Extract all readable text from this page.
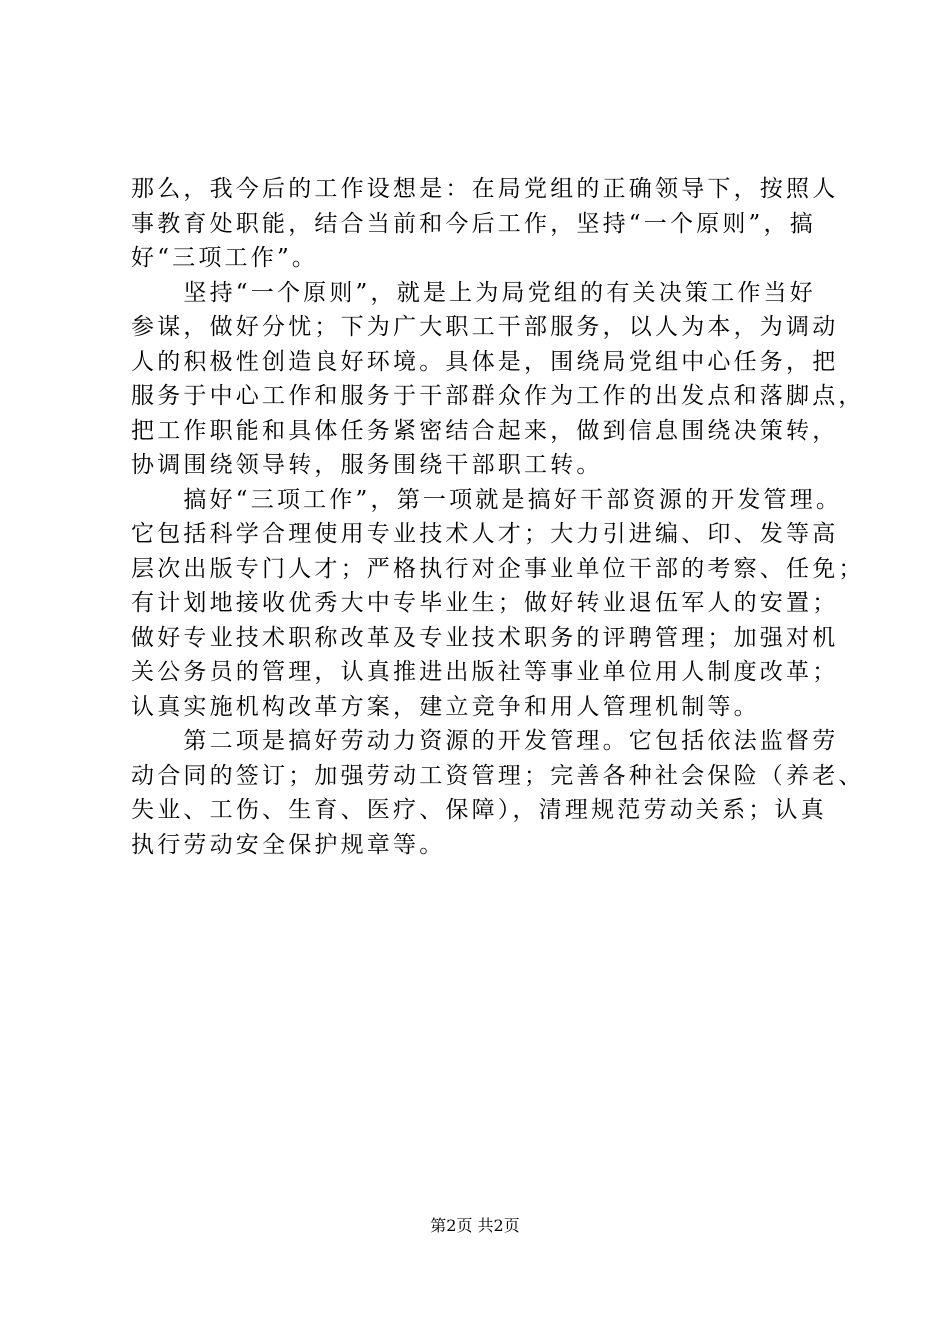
那么，我今后的工作设想是：在局党组的正确领导下，按照人
事教育处职能，结合当前和今后工作，坚持“一个原则”，搞
好“三项工作”。
　　坚持“一个原则”，就是上为局党组的有关决策工作当好
参谋，做好分忧；下为广大职工干部服务，以人为本，为调动
人的积极性创造良好环境。具体是，围绕局党组中心任务，把
服务于中心工作和服务于干部群众作为工作的出发点和落脚点，
把工作职能和具体任务紧密结合起来，做到信息围绕决策转，
协调围绕领导转，服务围绕干部职工转。
　　搞好“三项工作”，第一项就是搞好干部资源的开发管理。
它包括科学合理使用专业技术人才；大力引进编、印、发等高
层次出版专门人才；严格执行对企事业单位干部的考察、任免；
有计划地接收优秀大中专毕业生；做好转业退伍军人的安置；
做好专业技术职称改革及专业技术职务的评聘管理；加强对机
关公务员的管理，认真推进出版社等事业单位用人制度改革；
认真实施机构改革方案，建立竞争和用人管理机制等。
　　第二项是搞好劳动力资源的开发管理。它包括依法监督劳
动合同的签订；加强劳动工资管理；完善各种社会保险（养老、
失业、工伤、生育、医疗、保障），清理规范劳动关系；认真
执行劳动安全保护规章等。
第2页 共2页
